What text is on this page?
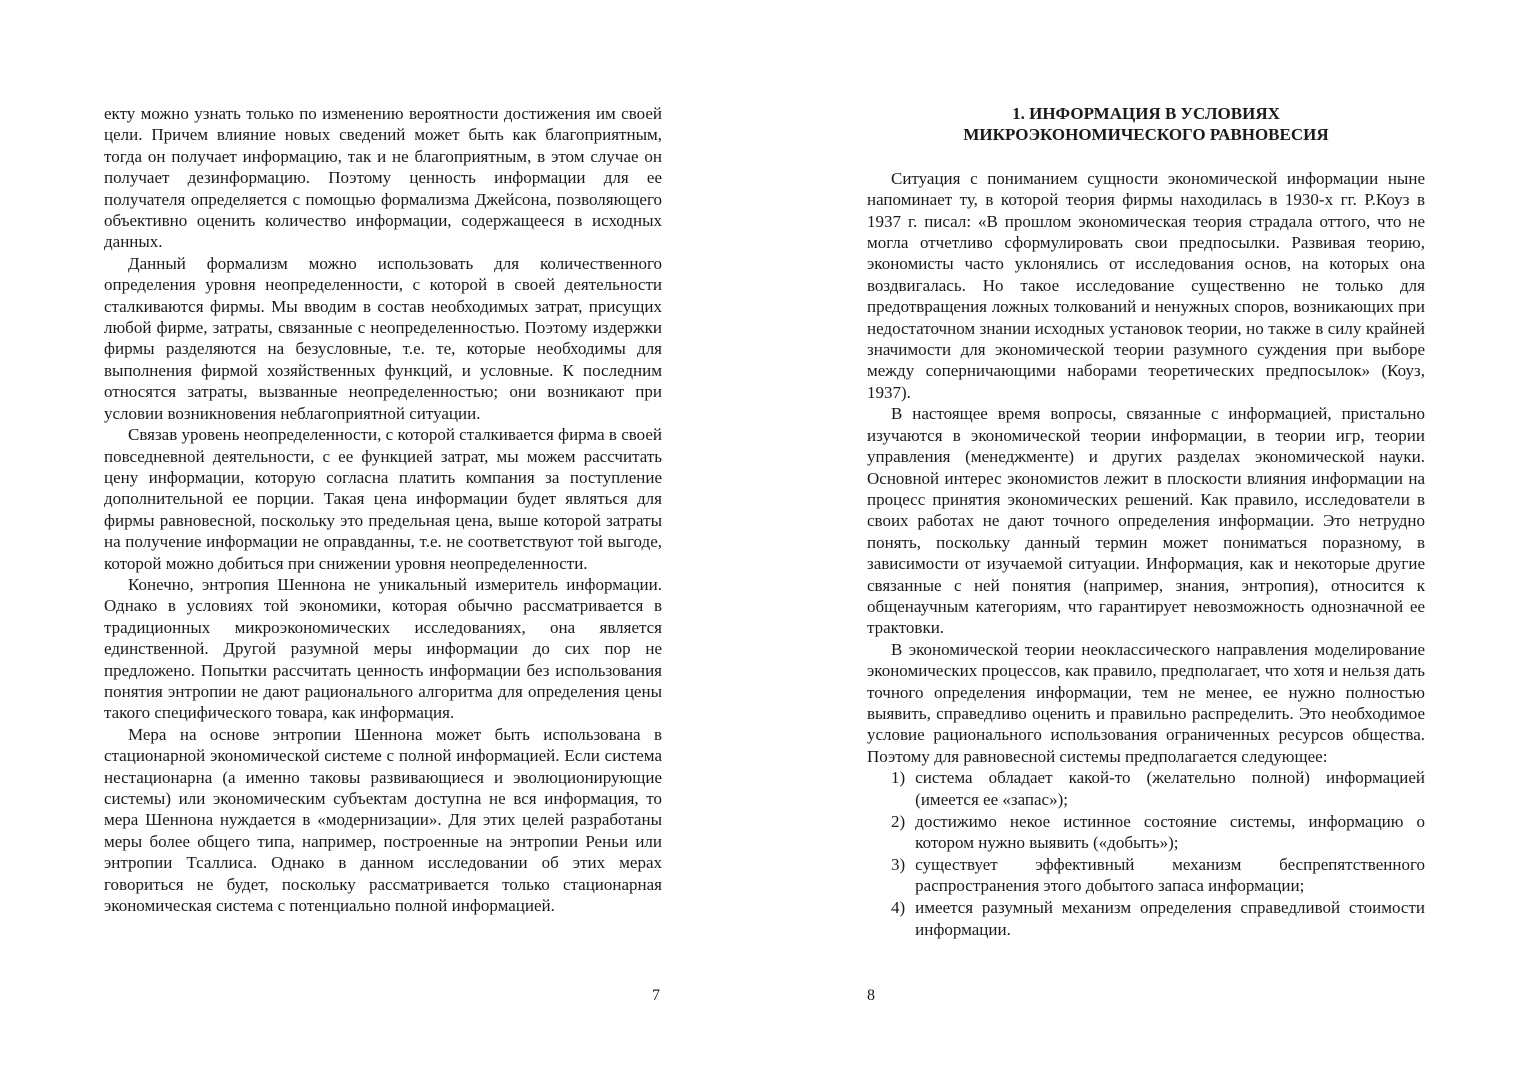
екту можно узнать только по изменению вероятности достижения им своей цели. Причем влияние новых сведений может быть как благоприятным, тогда он получает информацию, так и не благоприятным, в этом случае он получает дезинформацию. Поэтому ценность информации для ее получателя определяется с помощью формализма Джейсона, позволяющего объективно оценить количество информации, содержащееся в исходных данных.

Данный формализм можно использовать для количественного определения уровня неопределенности, с которой в своей деятельности сталкиваются фирмы. Мы вводим в состав необходимых затрат, присущих любой фирме, затраты, связанные с неопределенностью. Поэтому издержки фирмы разделяются на безусловные, т.е. те, которые необходимы для выполнения фирмой хозяйственных функций, и условные. К последним относятся затраты, вызванные неопределенностью; они возникают при условии возникновения неблагоприятной ситуации.

Связав уровень неопределенности, с которой сталкивается фирма в своей повседневной деятельности, с ее функцией затрат, мы можем рассчитать цену информации, которую согласна платить компания за поступление дополнительной ее порции. Такая цена информации будет являться для фирмы равновесной, поскольку это предельная цена, выше которой затраты на получение информации не оправданны, т.е. не соответствуют той выгоде, которой можно добиться при снижении уровня неопределенности.

Конечно, энтропия Шеннона не уникальный измеритель информации. Однако в условиях той экономики, которая обычно рассматривается в традиционных микроэкономических исследованиях, она является единственной. Другой разумной меры информации до сих пор не предложено. Попытки рассчитать ценность информации без использования понятия энтропии не дают рационального алгоритма для определения цены такого специфического товара, как информация.

Мера на основе энтропии Шеннона может быть использована в стационарной экономической системе с полной информацией. Если система нестационарна (а именно таковы развивающиеся и эволюционирующие системы) или экономическим субъектам доступна не вся информация, то мера Шеннона нуждается в «модернизации». Для этих целей разработаны меры более общего типа, например, построенные на энтропии Реньи или энтропии Тсаллиса. Однако в данном исследовании об этих мерах говориться не будет, поскольку рассматривается только стационарная экономическая система с потенциально полной информацией.

7
1. ИНФОРМАЦИЯ В УСЛОВИЯХ
МИКРОЭКОНОМИЧЕСКОГО РАВНОВЕСИЯ

Ситуация с пониманием сущности экономической информации ныне напоминает ту, в которой теория фирмы находилась в 1930-х гг. Р.Коуз в 1937 г. писал: «В прошлом экономическая теория страдала оттого, что не могла отчетливо сформулировать свои предпосылки. Развивая теорию, экономисты часто уклонялись от исследования основ, на которых она воздвигалась. Но такое исследование существенно не только для предотвращения ложных толкований и ненужных споров, возникающих при недостаточном знании исходных установок теории, но также в силу крайней значимости для экономической теории разумного суждения при выборе между соперничающими наборами теоретических предпосылок» (Коуз, 1937).

В настоящее время вопросы, связанные с информацией, пристально изучаются в экономической теории информации, в теории игр, теории управления (менеджменте) и других разделах экономической науки. Основной интерес экономистов лежит в плоскости влияния информации на процесс принятия экономических решений. Как правило, исследователи в своих работах не дают точного определения информации. Это нетрудно понять, поскольку данный термин может пониматься поразному, в зависимости от изучаемой ситуации. Информация, как и некоторые другие связанные с ней понятия (например, знания, энтропия), относится к общенаучным категориям, что гарантирует невозможность однозначной ее трактовки.

В экономической теории неоклассического направления моделирование экономических процессов, как правило, предполагает, что хотя и нельзя дать точного определения информации, тем не менее, ее нужно полностью выявить, справедливо оценить и правильно распределить. Это необходимое условие рационального использования ограниченных ресурсов общества. Поэтому для равновесной системы предполагается следующее:

1) система обладает какой-то (желательно полной) информацией (имеется ее «запас»);
2) достижимо некое истинное состояние системы, информацию о котором нужно выявить («добыть»);
3) существует эффективный механизм беспрепятственного распространения этого добытого запаса информации;
4) имеется разумный механизм определения справедливой стоимости информации.
8
